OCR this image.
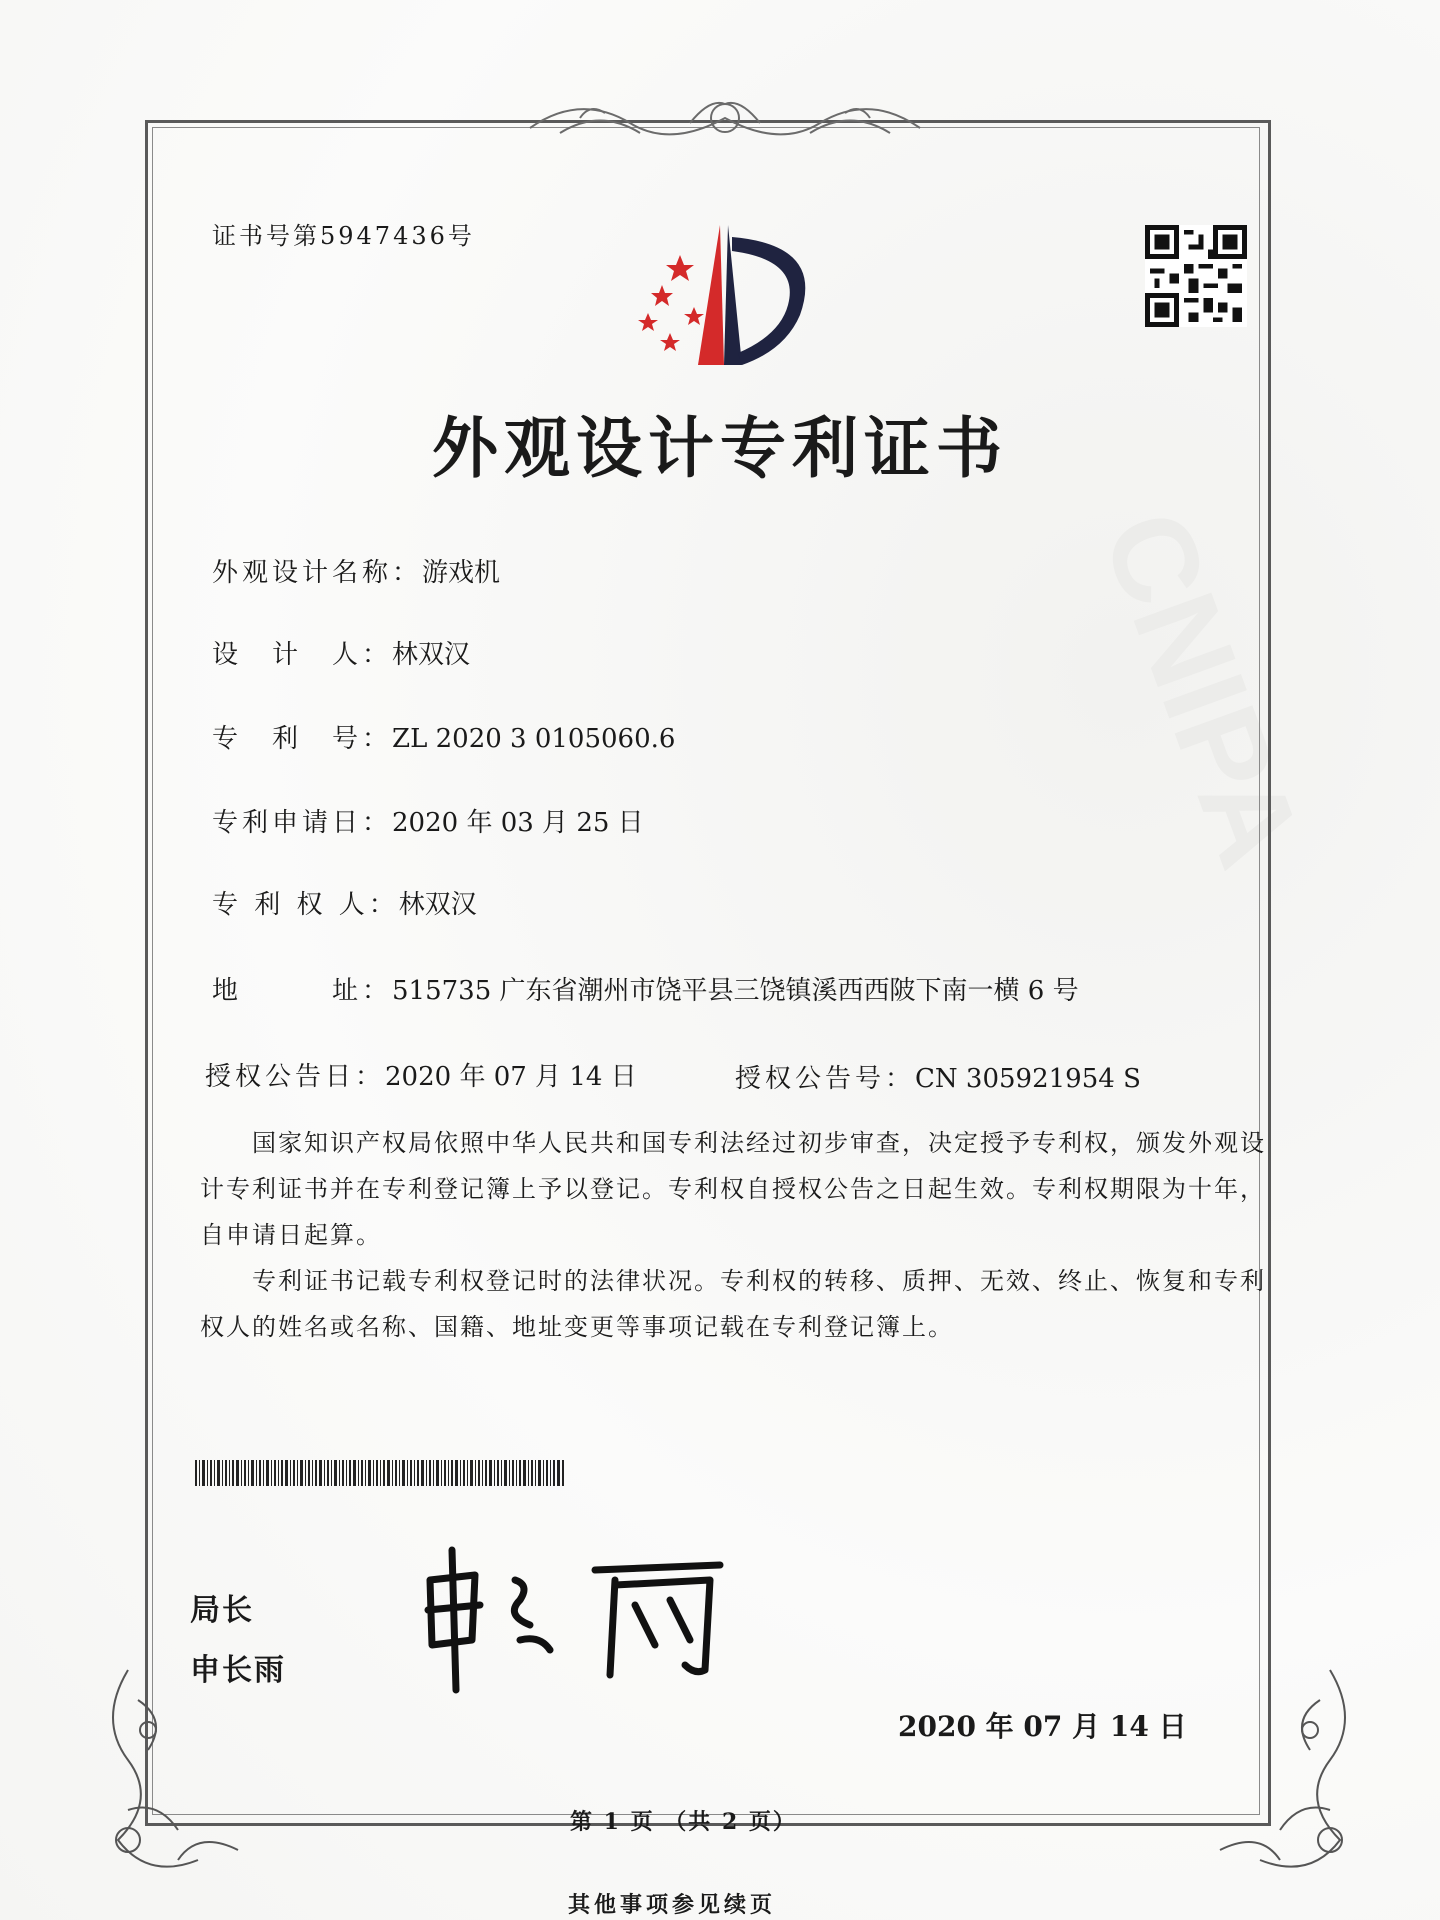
CNIPA
证书号第5947436号
外观设计专利证书
外观设计名称：游戏机
设　计　人：林双汉
专　利　号：ZL 2020 3 0105060.6
专利申请日：2020 年 03 月 25 日
专 利 权 人：林双汉
地　　　址：515735 广东省潮州市饶平县三饶镇溪西西陂下南一横 6 号
授权公告日：2020 年 07 月 14 日	授权公告号：CN 305921954 S

国家知识产权局依照中华人民共和国专利法经过初步审查，决定授予专利权，颁发外观设计专利证书并在专利登记簿上予以登记。专利权自授权公告之日起生效。专利权期限为十年，自申请日起算。

专利证书记载专利权登记时的法律状况。专利权的转移、质押、无效、终止、恢复和专利权人的姓名或名称、国籍、地址变更等事项记载在专利登记簿上。

局长
申长雨
2020 年 07 月 14 日
第 1 页 （共 2 页）
其他事项参见续页
